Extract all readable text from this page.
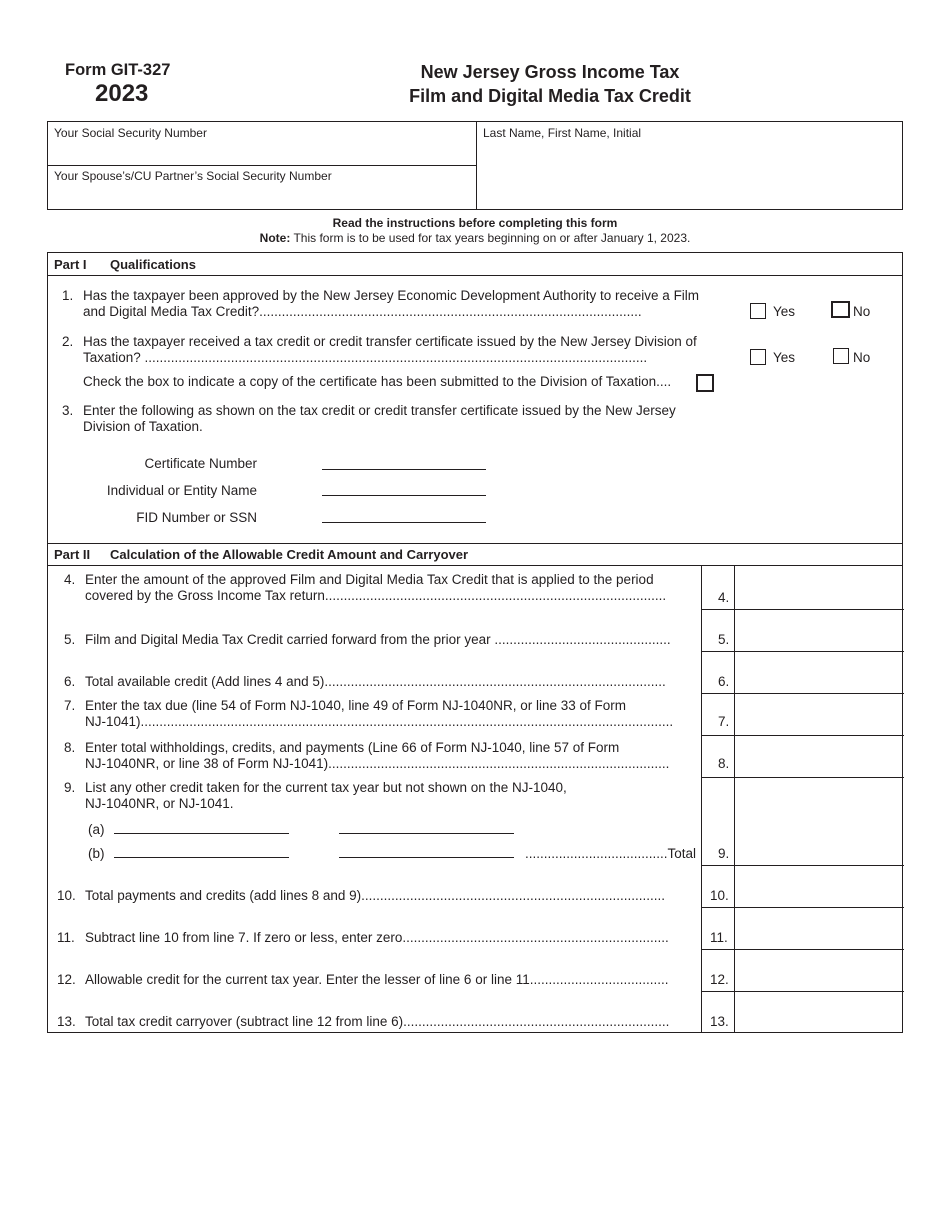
Form GIT-327
2023
New Jersey Gross Income Tax
Film and Digital Media Tax Credit
Your Social Security Number
Your Spouse’s/CU Partner’s Social Security Number
Last Name, First Name, Initial
Read the instructions before completing this form
Note: This form is to be used for tax years beginning on or after January 1, 2023.
Part I Qualifications
1. Has the taxpayer been approved by the New Jersey Economic Development Authority to receive a Film
and Digital Media Tax Credit?......................................................................................................	Yes	No
2. Has the taxpayer received a tax credit or credit transfer certificate issued by the New Jersey Division of
Taxation? ......................................................................................................................................	Yes	No
Check the box to indicate a copy of the certificate has been submitted to the Division of Taxation....
3. Enter the following as shown on the tax credit or credit transfer certificate issued by the New Jersey
Division of Taxation.
Certificate Number
Individual or Entity Name
FID Number or SSN
Part II Calculation of the Allowable Credit Amount and Carryover
4. Enter the amount of the approved Film and Digital Media Tax Credit that is applied to the period
covered by the Gross Income Tax return...........................................................................................	4.
5. Film and Digital Media Tax Credit carried forward from the prior year ...............................................	5.
6. Total available credit (Add lines 4 and 5)...........................................................................................	6.
7. Enter the tax due (line 54 of Form NJ-1040, line 49 of Form NJ-1040NR, or line 33 of Form
NJ-1041)..............................................................................................................................................	7.
8. Enter total withholdings, credits, and payments (Line 66 of Form NJ-1040, line 57 of Form
NJ-1040NR, or line 38 of Form NJ-1041)...........................................................................................	8.
9. List any other credit taken for the current tax year but not shown on the NJ-1040,
NJ-1040NR, or NJ-1041.
(a)
(b)	......................................Total 9.
10. Total payments and credits (add lines 8 and 9).................................................................................	10.
11. Subtract line 10 from line 7. If zero or less, enter zero.......................................................................	11.
12. Allowable credit for the current tax year. Enter the lesser of line 6 or line 11.....................................	12.
13. Total tax credit carryover (subtract line 12 from line 6).......................................................................	13.
